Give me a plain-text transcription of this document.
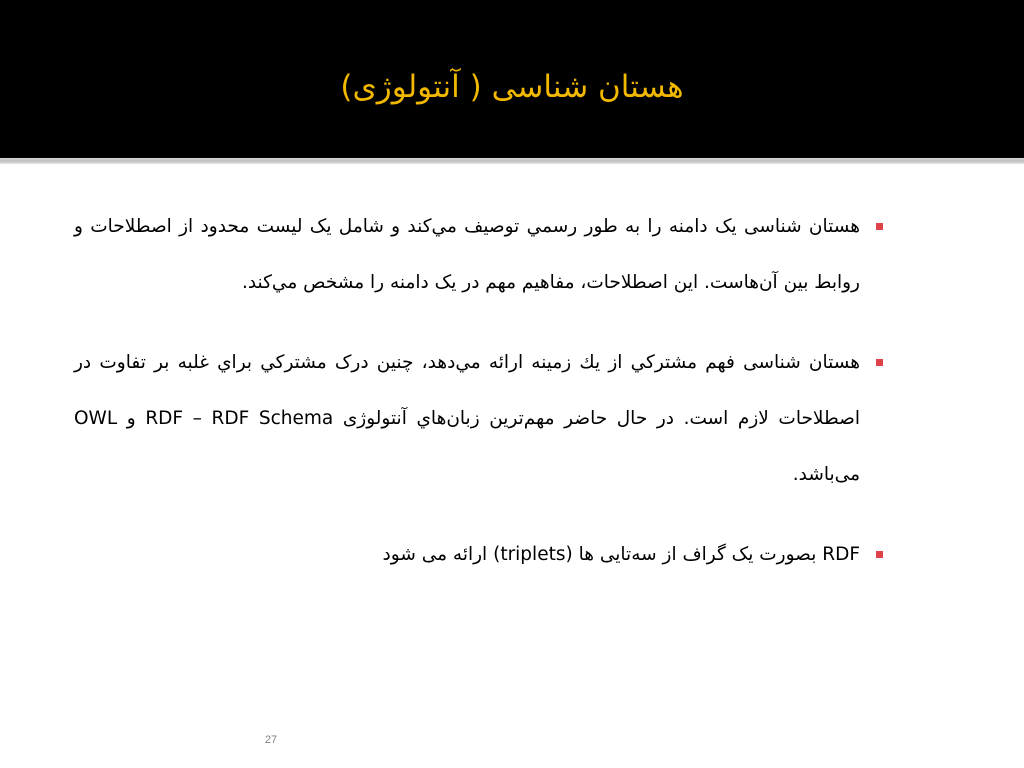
هستان شناسی ( آنتولوژی)
هستان شناسی یک دامنه را به طور رسمي توصيف مي‌کند و شامل یک ليست محدود از اصطلاحات و روابط بين آن‌هاست. اين اصطلاحات، مفاهيم مهم در یک دامنه را مشخص مي‌کند.
هستان شناسی فهم مشترکي از يك زمينه ارائه مي‌دهد، چنين درک مشترکي براي غلبه بر تفاوت در اصطلاحات لازم است. در حال حاضر مهم‌ترين زبان‌هاي آنتولوژی RDF – RDF Schema و OWL می‌باشد.
RDF بصورت یک گراف از سه‌تایی ها (triplets) ارائه می شود
27
